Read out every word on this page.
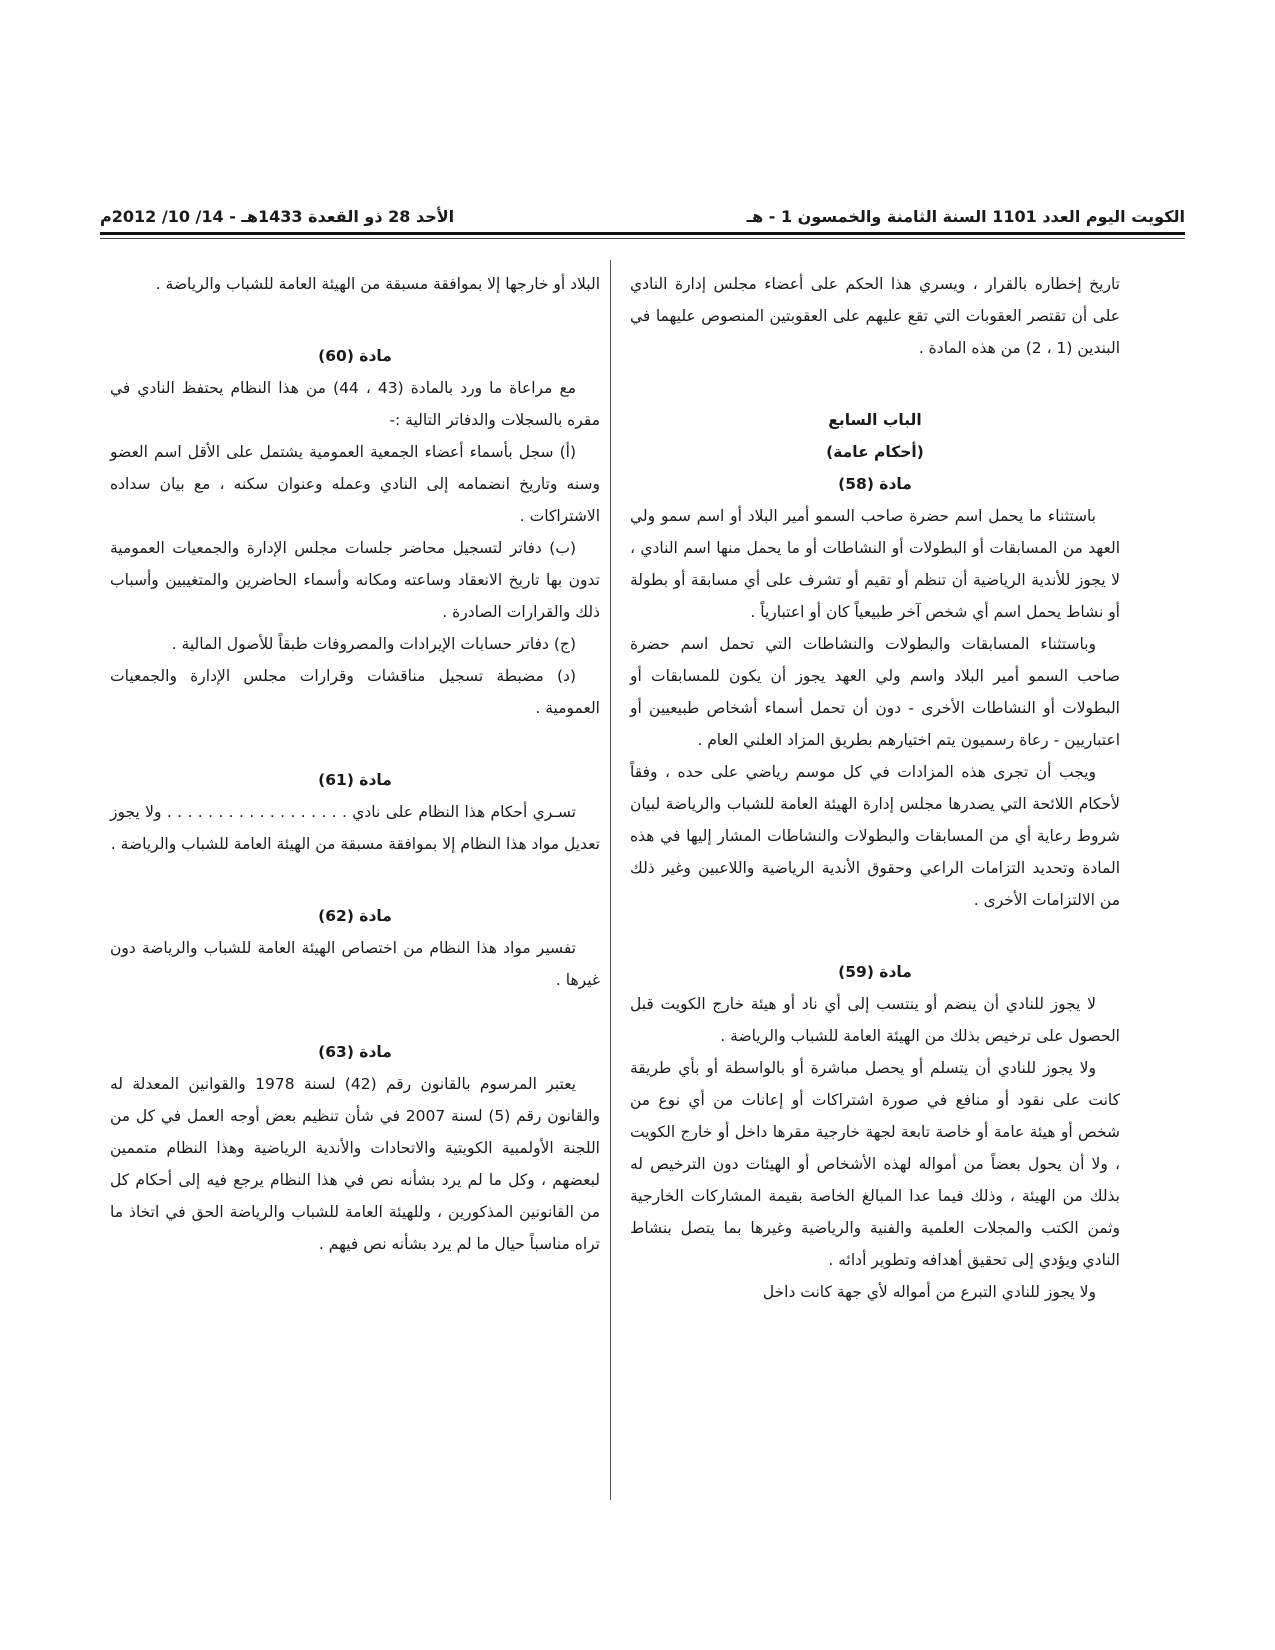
الأحد 28 ذو القعدة 1433هـ - 14/ 10/ 2012م	الكويت اليوم العدد 1101 السنة الثامنة والخمسون 1 - هـ

تاريخ إخطاره بالقرار ، ويسري هذا الحكم على أعضاء مجلس إدارة النادي على أن تقتصر العقوبات التي تقع عليهم على العقوبتين المنصوص عليهما في البندين (1 ، 2) من هذه المادة .

الباب السابع

(أحكام عامة)

مادة (58)

باستثناء ما يحمل اسم حضرة صاحب السمو أمير البلاد أو اسم سمو ولي العهد من المسابقات أو البطولات أو النشاطات أو ما يحمل منها اسم النادي ، لا يجوز للأندية الرياضية أن تنظم أو تقيم أو تشرف على أي مسابقة أو بطولة أو نشاط يحمل اسم أي شخص آخر طبيعياً كان أو اعتبارياً .

وباستثناء المسابقات والبطولات والنشاطات التي تحمل اسم حضرة صاحب السمو أمير البلاد واسم ولي العهد يجوز أن يكون للمسابقات أو البطولات أو النشاطات الأخرى - دون أن تحمل أسماء أشخاص طبيعيين أو اعتباريين - رعاة رسميون يتم اختيارهم بطريق المزاد العلني العام .

ويجب أن تجرى هذه المزادات في كل موسم رياضي على حده ، وفقاً لأحكام اللائحة التي يصدرها مجلس إدارة الهيئة العامة للشباب والرياضة لبيان شروط رعاية أي من المسابقات والبطولات والنشاطات المشار إليها في هذه المادة وتحديد التزامات الراعي وحقوق الأندية الرياضية واللاعبين وغير ذلك من الالتزامات الأخرى .

مادة (59)

لا يجوز للنادي أن ينضم أو ينتسب إلى أي ناد أو هيئة خارج الكويت قبل الحصول على ترخيص بذلك من الهيئة العامة للشباب والرياضة .

ولا يجوز للنادي أن يتسلم أو يحصل مباشرة أو بالواسطة أو بأي طريقة كانت على نقود أو منافع في صورة اشتراكات أو إعانات من أي نوع من شخص أو هيئة عامة أو خاصة تابعة لجهة خارجية مقرها داخل أو خارج الكويت ، ولا أن يحول بعضاً من أمواله لهذه الأشخاص أو الهيئات دون الترخيص له بذلك من الهيئة ، وذلك فيما عدا المبالغ الخاصة بقيمة المشاركات الخارجية وثمن الكتب والمجلات العلمية والفنية والرياضية وغيرها بما يتصل بنشاط النادي ويؤدي إلى تحقيق أهدافه وتطوير أدائه .

ولا يجوز للنادي التبرع من أمواله لأي جهة كانت داخل

البلاد أو خارجها إلا بموافقة مسبقة من الهيئة العامة للشباب والرياضة .

مادة (60)

مع مراعاة ما ورد بالمادة (43 ، 44) من هذا النظام يحتفظ النادي في مقره بالسجلات والدفاتر التالية :-

(أ) سجل بأسماء أعضاء الجمعية العمومية يشتمل على الأقل اسم العضو وسنه وتاريخ انضمامه إلى النادي وعمله وعنوان سكنه ، مع بيان سداده الاشتراكات .

(ب) دفاتر لتسجيل محاضر جلسات مجلس الإدارة والجمعيات العمومية تدون بها تاريخ الانعقاد وساعته ومكانه وأسماء الحاضرين والمتغيبين وأسباب ذلك والقرارات الصادرة .

(ج) دفاتر حسابات الإيرادات والمصروفات طبقاً للأصول المالية .

(د) مضبطة تسجيل مناقشات وقرارات مجلس الإدارة والجمعيات العمومية .

مادة (61)

تسـري أحكام هذا النظام على نادي . . . . . . . . . . . . . . . . . . ولا يجوز تعديل مواد هذا النظام إلا بموافقة مسبقة من الهيئة العامة للشباب والرياضة .

مادة (62)

تفسير مواد هذا النظام من اختصاص الهيئة العامة للشباب والرياضة دون غيرها .

مادة (63)

يعتبر المرسوم بالقانون رقم (42) لسنة 1978 والقوانين المعدلة له والقانون رقم (5) لسنة 2007 في شأن تنظيم بعض أوجه العمل في كل من اللجنة الأولمبية الكويتية والاتحادات والأندية الرياضية وهذا النظام متممين لبعضهم ، وكل ما لم يرد بشأنه نص في هذا النظام يرجع فيه إلى أحكام كل من القانونين المذكورين ، وللهيئة العامة للشباب والرياضة الحق في اتخاذ ما تراه مناسباً حيال ما لم يرد بشأنه نص فيهم .
